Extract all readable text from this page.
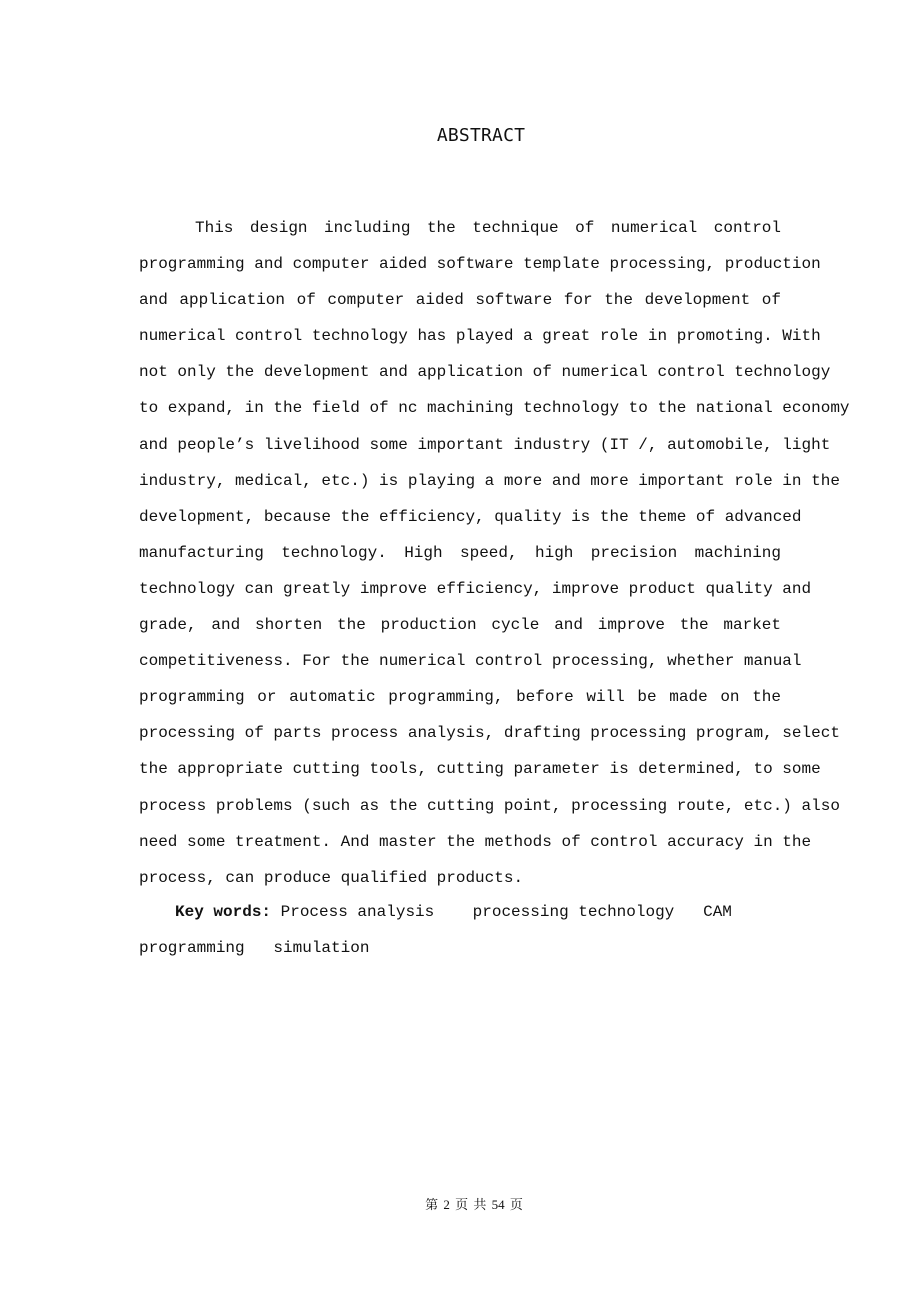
ABSTRACT
This design including the technique of numerical control
programming and computer aided software template processing, production
and application of computer aided software for the development of
numerical control technology has played a great role in promoting. With
not only the development and application of numerical control technology
to expand, in the field of nc machining technology to the national economy
and people’s livelihood some important industry (IT /, automobile, light
industry, medical, etc.) is playing a more and more important role in the
development, because the efficiency, quality is the theme of advanced
manufacturing technology. High speed, high precision machining
technology can greatly improve efficiency, improve product quality and
grade, and shorten the production cycle and improve the market
competitiveness. For the numerical control processing, whether manual
programming or automatic programming, before will be made on the
processing of parts process analysis, drafting processing program, select
the appropriate cutting tools, cutting parameter is determined, to some
process problems (such as the cutting point, processing route, etc.) also
need some treatment. And master the methods of control accuracy in the
process, can produce qualified products.
Key words: Process analysis    processing technology   CAM
programming   simulation
第 2 页 共 54 页
